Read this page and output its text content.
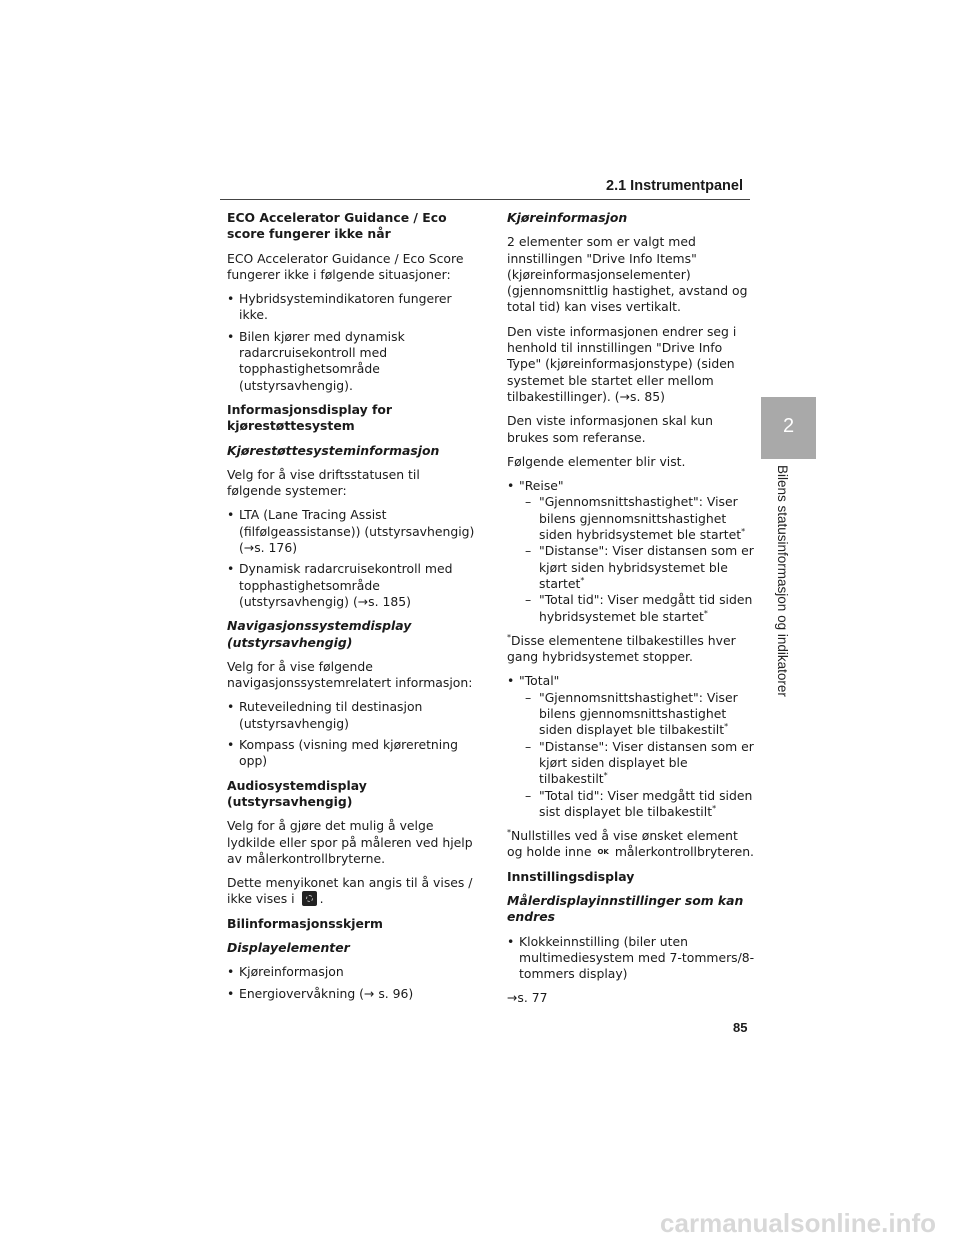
2.1 Instrumentpanel
2
Bilens statusinformasjon og indikatorer
ECO Accelerator Guidance / Eco score fungerer ikke når

ECO Accelerator Guidance / Eco Score fungerer ikke i følgende situasjoner:

• Hybridsystemindikatoren fungerer ikke.
• Bilen kjører med dynamisk radarcruisekontroll med topphastighetsområde (utstyrsavhengig).
Informasjonsdisplay for kjørestøttesystem
Kjørestøttesysteminformasjon

Velg for å vise driftsstatusen til følgende systemer:

• LTA (Lane Tracing Assist (filfølgeassistanse)) (utstyrsavhengig) (→s. 176)
• Dynamisk radarcruisekontroll med topphastighetsområde (utstyrsavhengig) (→s. 185)
Navigasjonssystemdisplay (utstyrsavhengig)

Velg for å vise følgende navigasjonssystemrelatert informasjon:

• Ruteveiledning til destinasjon (utstyrsavhengig)
• Kompass (visning med kjøreretning opp)
Audiosystemdisplay (utstyrsavhengig)

Velg for å gjøre det mulig å velge lydkilde eller spor på måleren ved hjelp av målerkontrollbryterne.

Dette menyikonet kan angis til å vises / ikke vises i .

Bilinformasjonsskjerm
Displayelementer
• Kjøreinformasjon
• Energiovervåkning (→ s. 96)
Kjøreinformasjon

2 elementer som er valgt med innstillingen "Drive Info Items" (kjøreinformasjonselementer) (gjennomsnittlig hastighet, avstand og total tid) kan vises vertikalt.

Den viste informasjonen endrer seg i henhold til innstillingen "Drive Info Type" (kjøreinformasjonstype) (siden systemet ble startet eller mellom tilbakestillinger). (→s. 85)

Den viste informasjonen skal kun brukes som referanse.

Følgende elementer blir vist.

• "Reise"
– "Gjennomsnittshastighet": Viser bilens gjennomsnittshastighet siden hybridsystemet ble startet*
– "Distanse": Viser distansen som er kjørt siden hybridsystemet ble startet*
– "Total tid": Viser medgått tid siden hybridsystemet ble startet*

*Disse elementene tilbakestilles hver gang hybridsystemet stopper.

• "Total"
– "Gjennomsnittshastighet": Viser bilens gjennomsnittshastighet siden displayet ble tilbakestilt*
– "Distanse": Viser distansen som er kjørt siden displayet ble tilbakestilt*
– "Total tid": Viser medgått tid siden sist displayet ble tilbakestilt*

*Nullstilles ved å vise ønsket element og holde inne OK målerkontrollbryteren.

Innstillingsdisplay
Målerdisplayinnstillinger som kan endres
• Klokkeinnstilling (biler uten multimediesystem med 7-tommers/8-tommers display)

→s. 77

85
carmanualsonline.info
